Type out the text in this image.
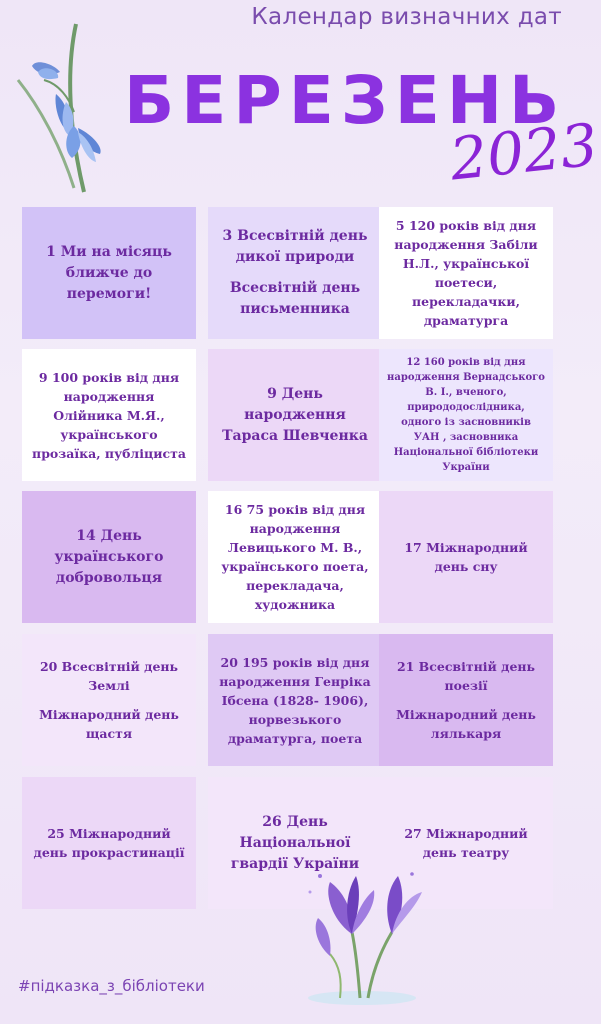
Календар визначних дат
БЕРЕЗЕНЬ
2023

1 Ми на місяць ближче до перемоги!

3 Всесвітній день дикої природи

Всесвітній день письменника

5 120 років від дня народження Забіли Н.Л., української поетеси, перекладачки, драматурга

9 100 років від дня народження Олійника М.Я., українського прозаїка, публіциста

9 День народження Тараса Шевченка

12 160 років від дня народження Вернадського В. І., вченого, природодослідника, одного із засновників УАН , засновника Національної бібліотеки України

14 День українського добровольця

16 75 років від дня народження Левицького М. В., українського поета, перекладача, художника

17 Міжнародний день сну

20 Всесвітній день Землі

Міжнародний день щастя

20 195 років від дня народження Генріка Ібсена (1828- 1906), норвезького драматурга, поета

21 Всесвітній день поезії

Міжнародний день лялькаря

25 Міжнародний день прокрастинації

26 День Національної гвардії України

27 Міжнародний день театру

#підказка_з_бібліотеки
